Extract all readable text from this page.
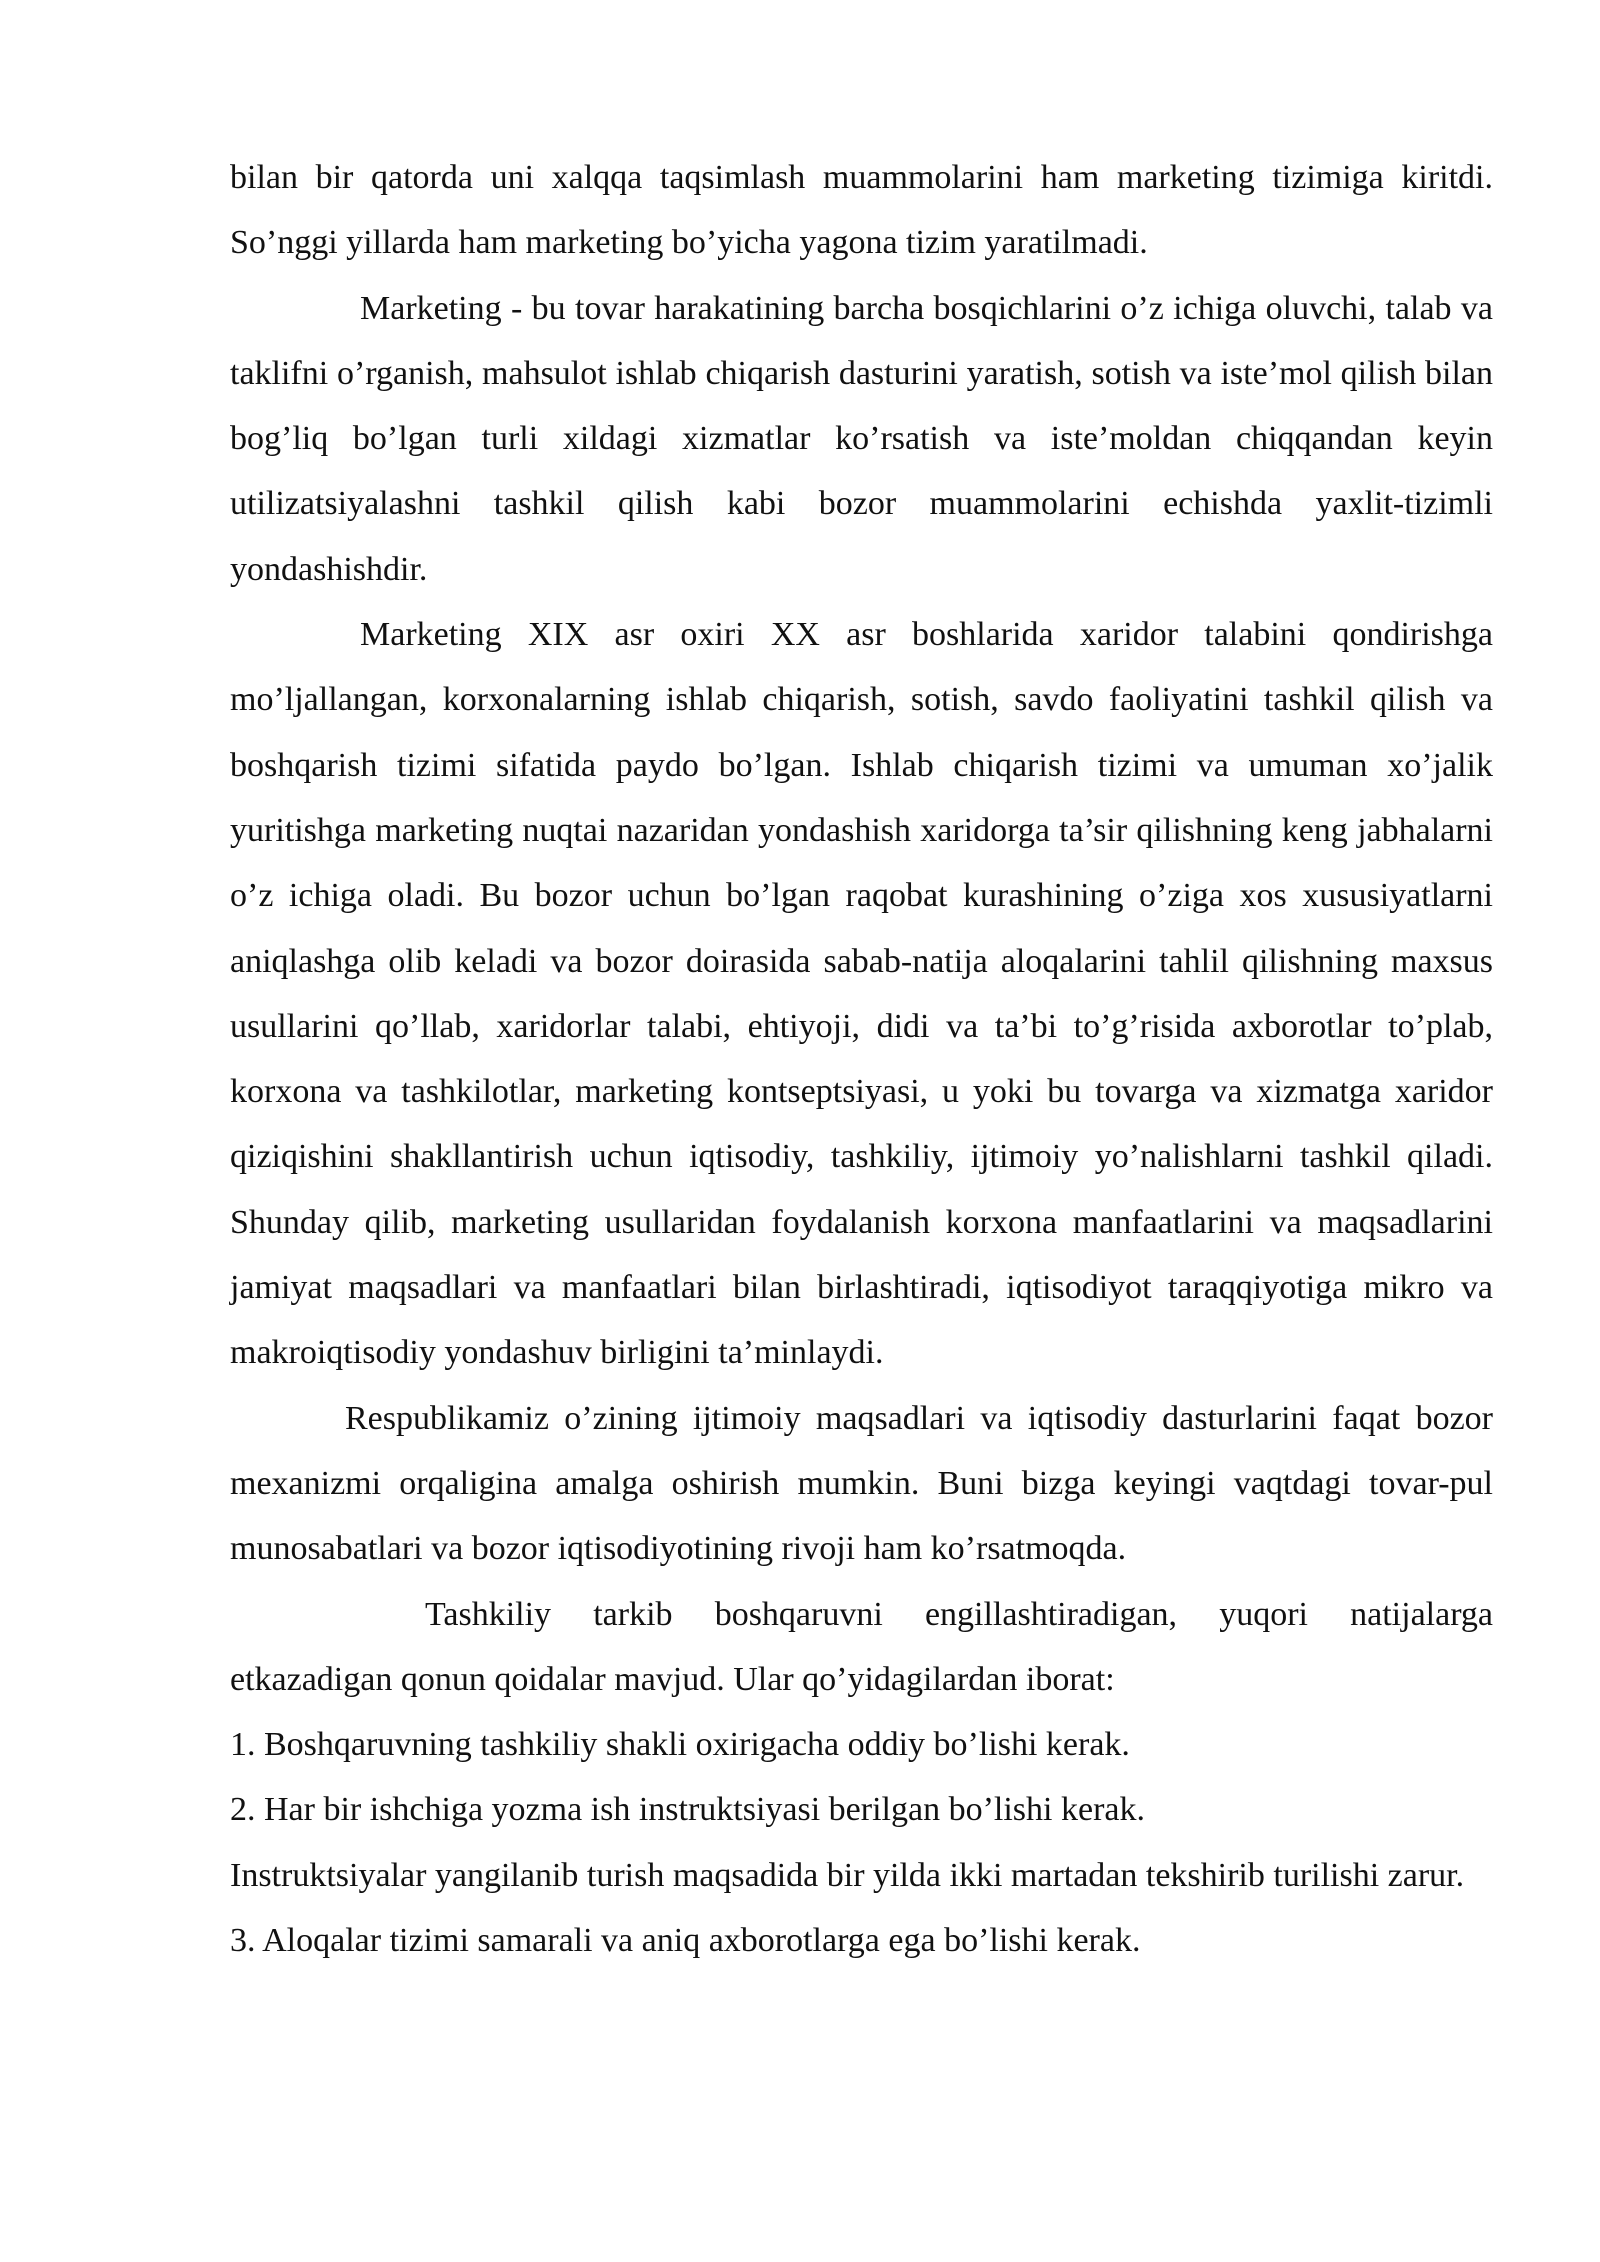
bilan bir qatorda uni xalqqa taqsimlash muammolarini ham marketing tizimiga kiritdi. So’nggi yillarda ham marketing bo’yicha yagona tizim yaratilmadi.

Marketing - bu tovar harakatining barcha bosqichlarini o’z ichiga oluvchi, talab va taklifni o’rganish, mahsulot ishlab chiqarish dasturini yaratish, sotish va iste’mol qilish bilan bog’liq bo’lgan turli xildagi xizmatlar ko’rsatish va iste’moldan chiqqandan keyin utilizatsiyalashni tashkil qilish kabi bozor muammolarini echishda yaxlit-tizimli yondashishdir.

Marketing XIX asr oxiri XX asr boshlarida xaridor talabini qondirishga mo’ljallangan, korxonalarning ishlab chiqarish, sotish, savdo faoliyatini tashkil qilish va boshqarish tizimi sifatida paydo bo’lgan. Ishlab chiqarish tizimi va umuman xo’jalik yuritishga marketing nuqtai nazaridan yondashish xaridorga ta’sir qilishning keng jabhalarni o’z ichiga oladi. Bu bozor uchun bo’lgan raqobat kurashining o’ziga xos xususiyatlarni aniqlashga olib keladi va bozor doirasida sabab-natija aloqalarini tahlil qilishning maxsus usullarini qo’llab, xaridorlar talabi, ehtiyoji, didi va ta’bi to’g’risida axborotlar to’plab, korxona va tashkilotlar, marketing kontseptsiyasi, u yoki bu tovarga va xizmatga xaridor qiziqishini shakllantirish uchun iqtisodiy, tashkiliy, ijtimoiy yo’nalishlarni tashkil qiladi. Shunday qilib, marketing usullaridan foydalanish korxona manfaatlarini va maqsadlarini jamiyat maqsadlari va manfaatlari bilan birlashtiradi, iqtisodiyot taraqqiyotiga mikro va makroiqtisodiy yondashuv birligini ta’minlaydi.

Respublikamiz o’zining ijtimoiy maqsadlari va iqtisodiy dasturlarini faqat bozor mexanizmi orqaligina amalga oshirish mumkin. Buni bizga keyingi vaqtdagi tovar-pul munosabatlari va bozor iqtisodiyotining rivoji ham ko’rsatmoqda.

Tashkiliy tarkib boshqaruvni engillashtiradigan, yuqori natijalarga etkazadigan qonun qoidalar mavjud. Ular qo’yidagilardan iborat:

1. Boshqaruvning tashkiliy shakli oxirigacha oddiy bo’lishi kerak.

2. Har bir ishchiga yozma ish instruktsiyasi berilgan bo’lishi kerak.

Instruktsiyalar yangilanib turish maqsadida bir yilda ikki martadan tekshirib turilishi zarur.

3. Aloqalar tizimi samarali va aniq axborotlarga ega bo’lishi kerak.
